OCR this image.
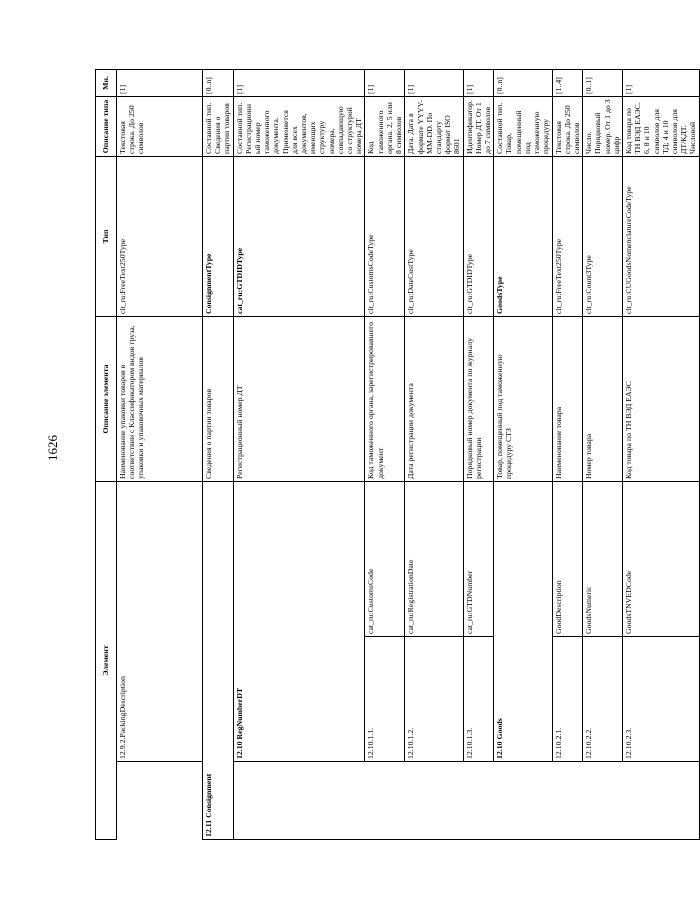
1626
Элемент			Описание элемента	Тип	Описание типа	Мн.
	12.9.2.PackingDescription		Наименование упаковки товаров в соответствии с Классификатором видов груза, упаковки и упаковочных материалов	clt_ru:FreeText250Type	Текстовая строка. До 250 символов	[1]
12.11 Consignment			Сведения о партии товаров	ConsignmentType	Составной тип. Сведения о партии товаров	[0..n]
	12.10 RegNumberDT		Регистрационный номер ДТ	cat_ru:GTDIDType	Составной тип. Регистрационный номер таможенного документа. Применяется для всех документов, имеющих структуру номера, совпадающую со структурой номера ДТ	[1]
	12.10.1.1.	cat_ru:CustomsCode	Код таможенного органа, зарегистрировавшего документ	clt_ru:CustomsCodeType	Код таможенного органа. 2, 5 или 8 символов	[1]
	12.10.1.2.	cat_ru:RegistrationDate	Дата регистрации документа	clt_ru:DateCustType	Дата. Дата в формате YYYY-MM-DD. По стандарту формат ISO 8601	[1]
	12.10.1.3.	cat_ru:GTDNumber	Порядковый номер документа по журналу регистрации	clt_ru:GTDIDType	Идентификатор. Номер ДТ. От 1 до 7 символов	[1]
	12.10 Goods		Товар, помещенный под таможенную процедуру СТЗ	GoodsType	Составной тип. Товар, помещенный под таможенную процедуру	[0..n]
	12.10.2.1.	GoodDescription	Наименование товара	clt_ru:FreeText250Type	Текстовая строка. До 250 символов	[1..4]
	12.10.2.2.	GoodsNumeric	Номер товара	clt_ru:Count3Type	Число. Порядковый номер. От 1 до 3 цифр	[0..1]
	12.10.2.3.	GoodsTNVEDCode	Код товара по ТН ВЭД ЕАЭС	clt_ru:CUGoodsNomenclatureCodeType	Код товара по ТН ВЭД ЕАЭС. 6, 8 и 10 символов для ТД; 4 и 10 символов для ДТ/КДТ. Числовой	[1]
